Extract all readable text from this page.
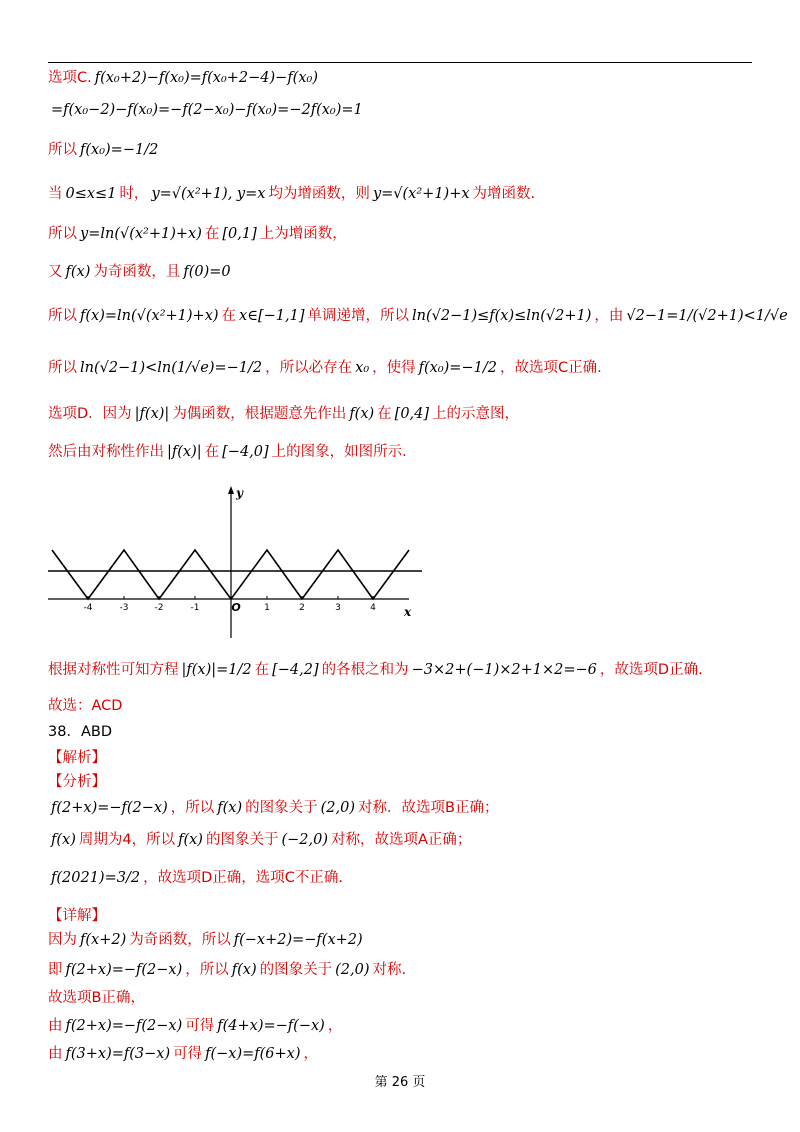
选项C. f(x₀+2)−f(x₀)=f(x₀+2−4)−f(x₀)
=f(x₀−2)−f(x₀)=−f(2−x₀)−f(x₀)=−2f(x₀)=1
所以 f(x₀)=−1/2
当 0≤x≤1 时， y=√(x²+1), y=x 均为增函数，则 y=√(x²+1)+x 为增函数.
所以 y=ln(√(x²+1)+x) 在 [0,1] 上为增函数，
又 f(x) 为奇函数，且 f(0)=0
所以 f(x)=ln(√(x²+1)+x) 在 x∈[−1,1] 单调递增，所以 ln(√2−1)≤f(x)≤ln(√2+1) ，由 √2−1=1/(√2+1)<1/√e
所以 ln(√2−1)<ln(1/√e)=−1/2 ，所以必存在 x₀ ，使得 f(x₀)=−1/2 ，故选项C正确.
选项D．因为 |f(x)| 为偶函数，根据题意先作出 f(x) 在 [0,4] 上的示意图，
然后由对称性作出 |f(x)| 在 [−4,0] 上的图象，如图所示.
根据对称性可知方程 |f(x)|=1/2 在 [−4,2] 的各根之和为 −3×2+(−1)×2+1×2=−6 ，故选项D正确.
故选：ACD
38．ABD
【解析】
【分析】
f(2+x)=−f(2−x) ，所以 f(x) 的图象关于 (2,0) 对称．故选项B正确；
f(x) 周期为4，所以 f(x) 的图象关于 (−2,0) 对称，故选项A正确；
f(2021)=3/2 ，故选项D正确，选项C不正确.
【详解】
因为 f(x+2) 为奇函数，所以 f(−x+2)=−f(x+2)
即 f(2+x)=−f(2−x) ，所以 f(x) 的图象关于 (2,0) 对称.
故选项B正确，
由 f(2+x)=−f(2−x) 可得 f(4+x)=−f(−x) ，
由 f(3+x)=f(3−x) 可得 f(−x)=f(6+x) ，
-4	-3	-2	-1	O	1	2	3	4 x
y
第 26 页
